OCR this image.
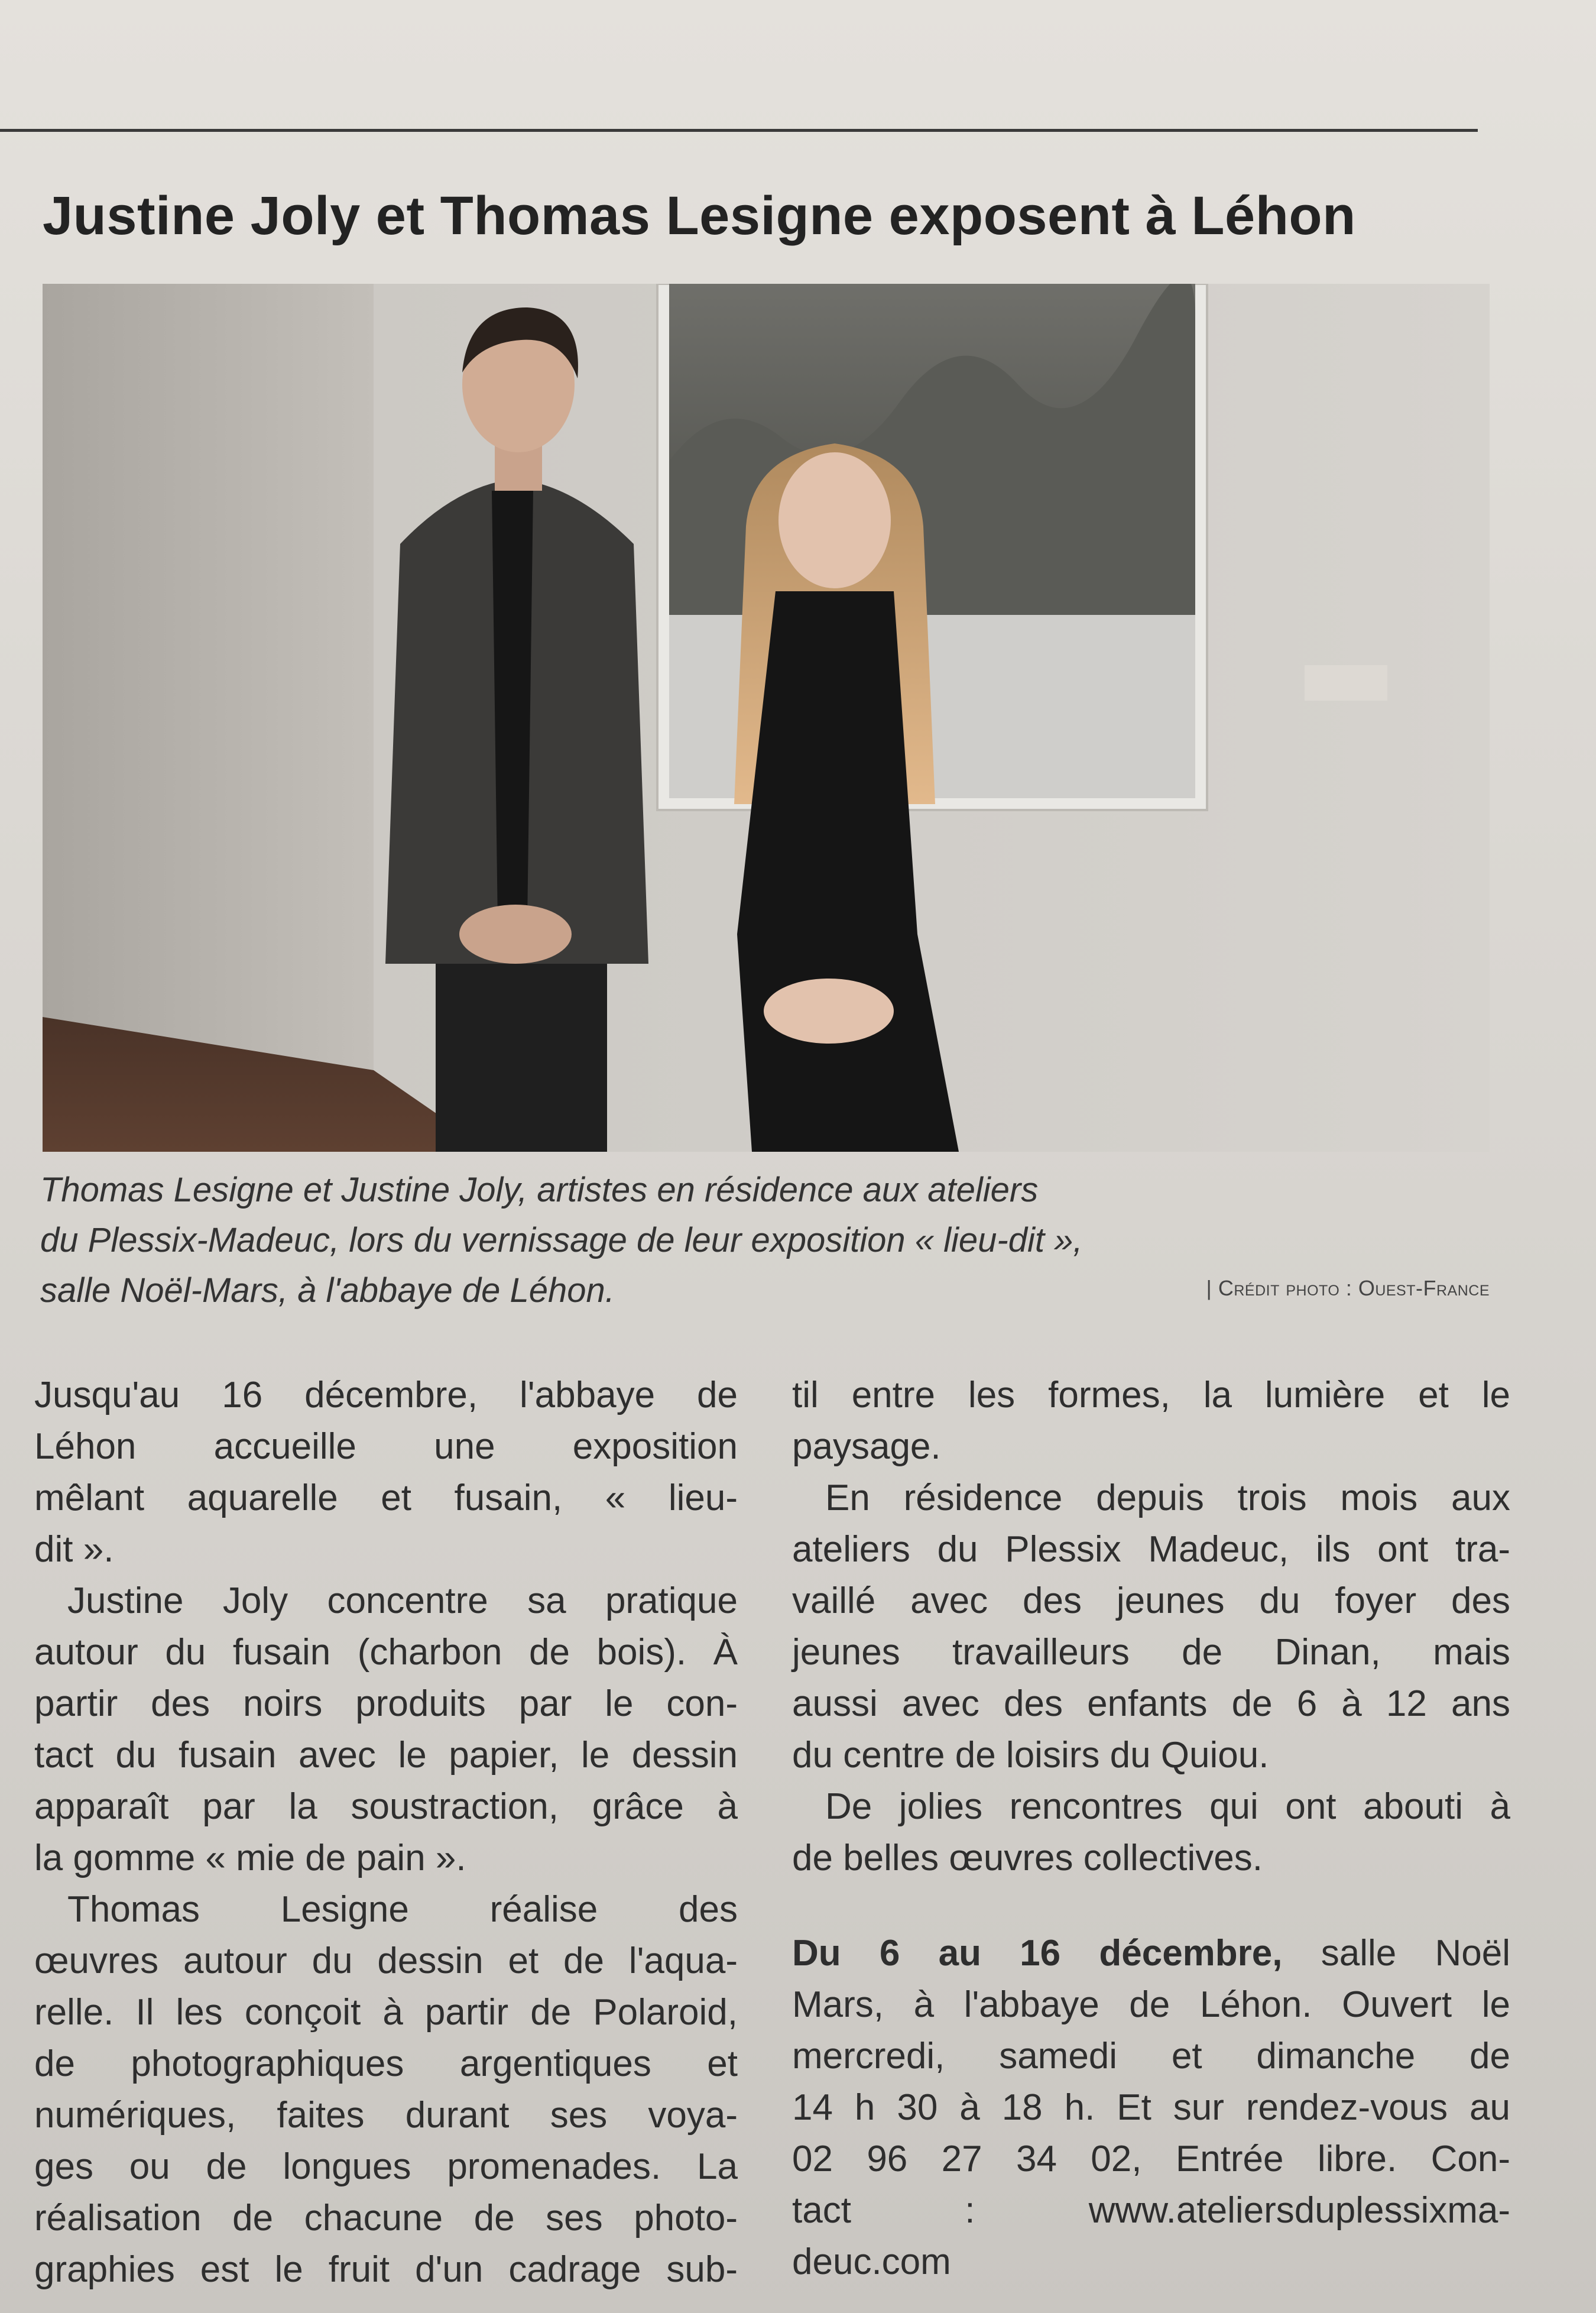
Justine Joly et Thomas Lesigne exposent à Léhon
Thomas Lesigne et Justine Joly, artistes en résidence aux ateliers
du Plessix-Madeuc, lors du vernissage de leur exposition « lieu-dit »,
salle Noël-Mars, à l'abbaye de Léhon.	| Crédit photo : Ouest-France
Jusqu'au 16 décembre, l'abbaye de
Léhon accueille une exposition
mêlant aquarelle et fusain, « lieu-
dit ».
Justine Joly concentre sa pratique
autour du fusain (charbon de bois). À
partir des noirs produits par le con-
tact du fusain avec le papier, le dessin
apparaît par la soustraction, grâce à
la gomme « mie de pain ».
Thomas Lesigne réalise des
œuvres autour du dessin et de l'aqua-
relle. Il les conçoit à partir de Polaroid,
de photographiques argentiques et
numériques, faites durant ses voya-
ges ou de longues promenades. La
réalisation de chacune de ses photo-
graphies est le fruit d'un cadrage sub-
til entre les formes, la lumière et le
paysage.
En résidence depuis trois mois aux
ateliers du Plessix Madeuc, ils ont tra-
vaillé avec des jeunes du foyer des
jeunes travailleurs de Dinan, mais
aussi avec des enfants de 6 à 12 ans
du centre de loisirs du Quiou.
De jolies rencontres qui ont abouti à
de belles œuvres collectives.
Du 6 au 16 décembre, salle Noël
Mars, à l'abbaye de Léhon. Ouvert le
mercredi, samedi et dimanche de
14 h 30 à 18 h. Et sur rendez-vous au
02 96 27 34 02, Entrée libre. Con-
tact : www.ateliersduplessixma-
deuc.com
